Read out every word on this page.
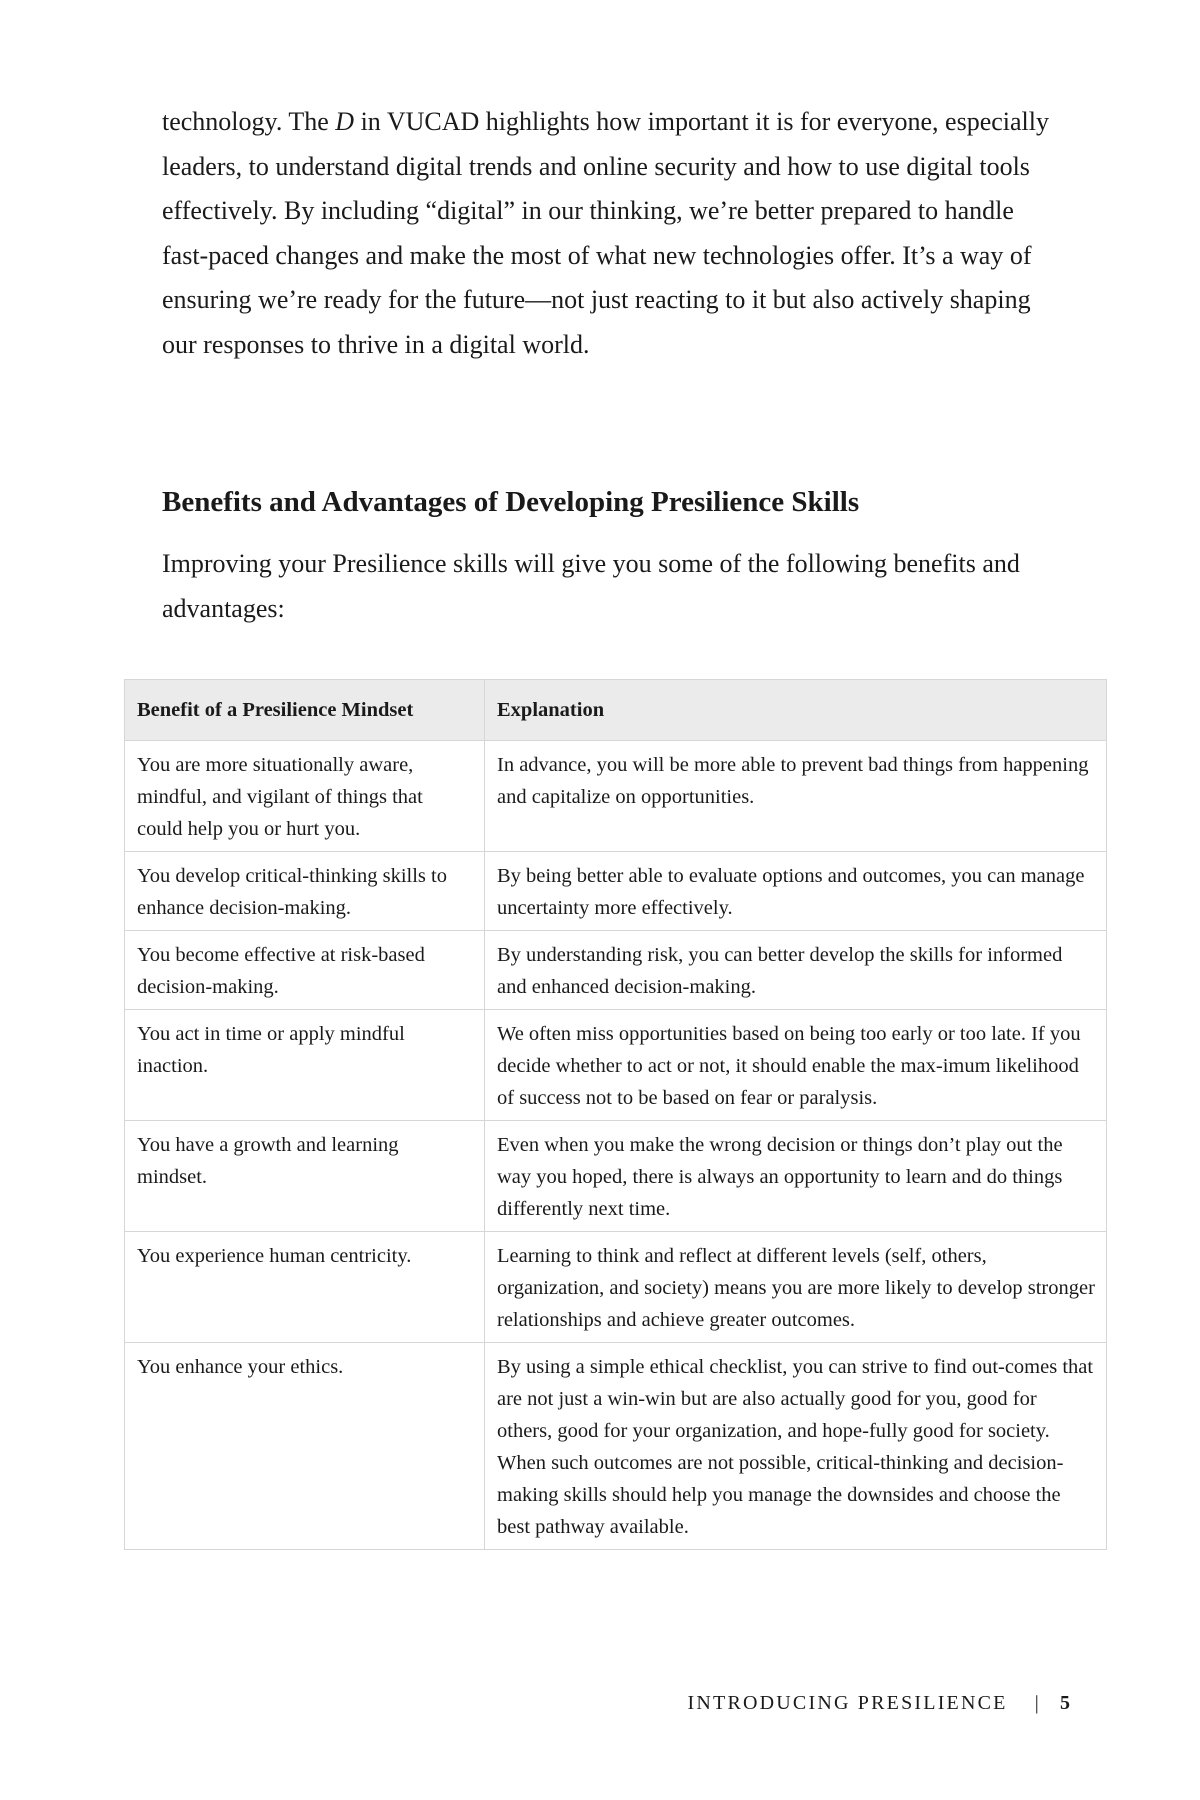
technology. The D in VUCAD highlights how important it is for everyone, especially leaders, to understand digital trends and online security and how to use digital tools effectively. By including “digital” in our thinking, we’re better prepared to handle fast-paced changes and make the most of what new technologies offer. It’s a way of ensuring we’re ready for the future—not just reacting to it but also actively shaping our responses to thrive in a digital world.

Benefits and Advantages of Developing Presilience Skills

Improving your Presilience skills will give you some of the following benefits and advantages:

Benefit of a Presilience Mindset	Explanation
You are more situationally aware, mindful, and vigilant of things that could help you or hurt you.	In advance, you will be more able to prevent bad things from happening and capitalize on opportunities.
You develop critical-thinking skills to enhance decision-making.	By being better able to evaluate options and outcomes, you can manage uncertainty more effectively.
You become effective at risk-based decision-making.	By understanding risk, you can better develop the skills for informed and enhanced decision-making.
You act in time or apply mindful inaction.	We often miss opportunities based on being too early or too late. If you decide whether to act or not, it should enable the max-imum likelihood of success not to be based on fear or paralysis.
You have a growth and learning mindset.	Even when you make the wrong decision or things don’t play out the way you hoped, there is always an opportunity to learn and do things differently next time.
You experience human centricity.	Learning to think and reflect at different levels (self, others, organization, and society) means you are more likely to develop stronger relationships and achieve greater outcomes.
You enhance your ethics.	By using a simple ethical checklist, you can strive to find out-comes that are not just a win-win but are also actually good for you, good for others, good for your organization, and hope-fully good for society. When such outcomes are not possible, critical-thinking and decision-making skills should help you manage the downsides and choose the best pathway available.
INTRODUCING PRESILIENCE | 5
